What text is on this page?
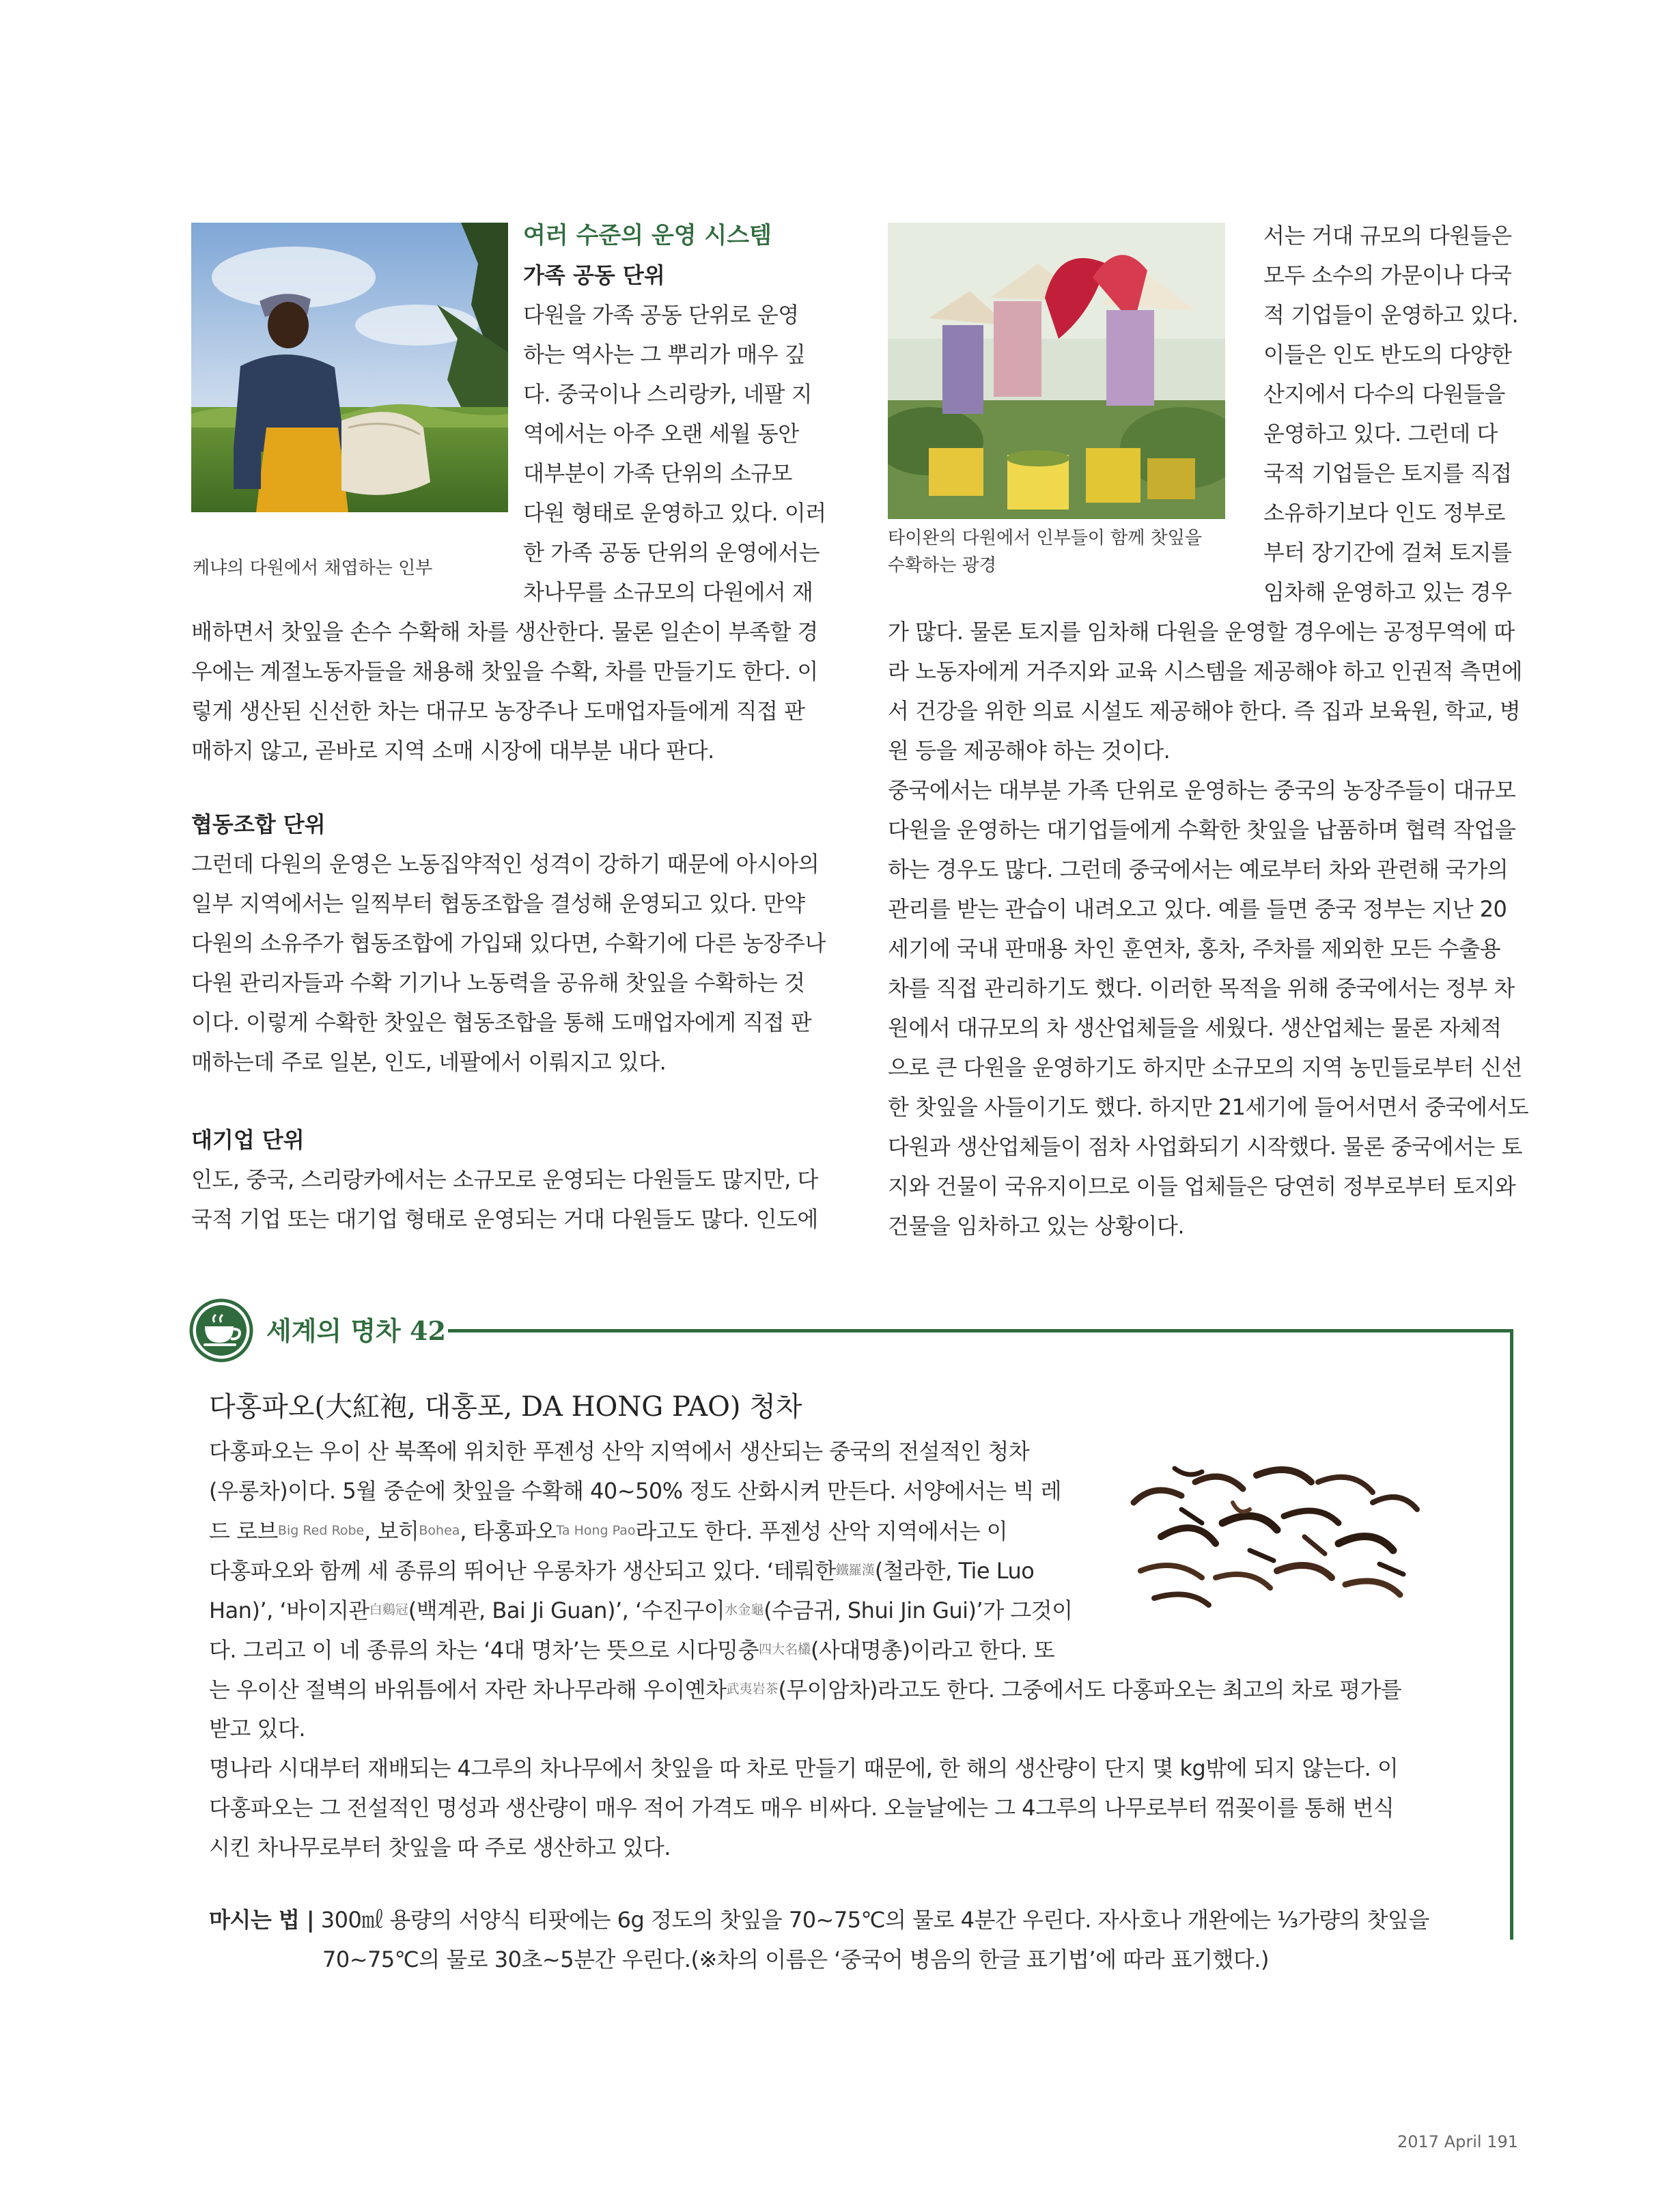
케냐의 다원에서 채엽하는 인부
여러 수준의 운영 시스템
가족 공동 단위
다원을 가족 공동 단위로 운영
하는 역사는 그 뿌리가 매우 깊
다. 중국이나 스리랑카, 네팔 지
역에서는 아주 오랜 세월 동안
대부분이 가족 단위의 소규모
다원 형태로 운영하고 있다. 이러
한 가족 공동 단위의 운영에서는
차나무를 소규모의 다원에서 재
배하면서 찻잎을 손수 수확해 차를 생산한다. 물론 일손이 부족할 경
우에는 계절노동자들을 채용해 찻잎을 수확, 차를 만들기도 한다. 이
렇게 생산된 신선한 차는 대규모 농장주나 도매업자들에게 직접 판
매하지 않고, 곧바로 지역 소매 시장에 대부분 내다 판다.
협동조합 단위
그런데 다원의 운영은 노동집약적인 성격이 강하기 때문에 아시아의
일부 지역에서는 일찍부터 협동조합을 결성해 운영되고 있다. 만약
다원의 소유주가 협동조합에 가입돼 있다면, 수확기에 다른 농장주나
다원 관리자들과 수확 기기나 노동력을 공유해 찻잎을 수확하는 것
이다. 이렇게 수확한 찻잎은 협동조합을 통해 도매업자에게 직접 판
매하는데 주로 일본, 인도, 네팔에서 이뤄지고 있다.
대기업 단위
인도, 중국, 스리랑카에서는 소규모로 운영되는 다원들도 많지만, 다
국적 기업 또는 대기업 형태로 운영되는 거대 다원들도 많다. 인도에
타이완의 다원에서 인부들이 함께 찻잎을
수확하는 광경
서는 거대 규모의 다원들은
모두 소수의 가문이나 다국
적 기업들이 운영하고 있다.
이들은 인도 반도의 다양한
산지에서 다수의 다원들을
운영하고 있다. 그런데 다
국적 기업들은 토지를 직접
소유하기보다 인도 정부로
부터 장기간에 걸쳐 토지를
임차해 운영하고 있는 경우
가 많다. 물론 토지를 임차해 다원을 운영할 경우에는 공정무역에 따
라 노동자에게 거주지와 교육 시스템을 제공해야 하고 인권적 측면에
서 건강을 위한 의료 시설도 제공해야 한다. 즉 집과 보육원, 학교, 병
원 등을 제공해야 하는 것이다.
중국에서는 대부분 가족 단위로 운영하는 중국의 농장주들이 대규모
다원을 운영하는 대기업들에게 수확한 찻잎을 납품하며 협력 작업을
하는 경우도 많다. 그런데 중국에서는 예로부터 차와 관련해 국가의
관리를 받는 관습이 내려오고 있다. 예를 들면 중국 정부는 지난 20
세기에 국내 판매용 차인 훈연차, 홍차, 주차를 제외한 모든 수출용
차를 직접 관리하기도 했다. 이러한 목적을 위해 중국에서는 정부 차
원에서 대규모의 차 생산업체들을 세웠다. 생산업체는 물론 자체적
으로 큰 다원을 운영하기도 하지만 소규모의 지역 농민들로부터 신선
한 찻잎을 사들이기도 했다. 하지만 21세기에 들어서면서 중국에서도
다원과 생산업체들이 점차 사업화되기 시작했다. 물론 중국에서는 토
지와 건물이 국유지이므로 이들 업체들은 당연히 정부로부터 토지와
건물을 임차하고 있는 상황이다.
세계의 명차 42
다홍파오(大紅袍, 대홍포, DA HONG PAO) 청차
다홍파오는 우이 산 북쪽에 위치한 푸젠성 산악 지역에서 생산되는 중국의 전설적인 청차
(우롱차)이다. 5월 중순에 찻잎을 수확해 40~50% 정도 산화시켜 만든다. 서양에서는 빅 레
드 로브$^{Big Red Robe}$, 보히$^{Bohea}$, 타홍파오$^{Ta Hong Pao}$라고도 한다. 푸젠성 산악 지역에서는 이
다홍파오와 함께 세 종류의 뛰어난 우롱차가 생산되고 있다. ‘테뤄한$^{鐵羅漢}$(철라한, Tie Luo
Han)’, ‘바이지관$^{白鷄冠}$(백계관, Bai Ji Guan)’, ‘수진구이$^{水金龜}$(수금귀, Shui Jin Gui)’가 그것이
다. 그리고 이 네 종류의 차는 ‘4대 명차’는 뜻으로 시다밍충$^{四大名欉}$(사대명총)이라고 한다. 또
는 우이산 절벽의 바위틈에서 자란 차나무라해 우이옌차$^{武夷岩茶}$(무이암차)라고도 한다. 그중에서도 다홍파오는 최고의 차로 평가를
받고 있다.
명나라 시대부터 재배되는 4그루의 차나무에서 찻잎을 따 차로 만들기 때문에, 한 해의 생산량이 단지 몇 kg밖에 되지 않는다. 이
다홍파오는 그 전설적인 명성과 생산량이 매우 적어 가격도 매우 비싸다. 오늘날에는 그 4그루의 나무로부터 꺾꽂이를 통해 번식
시킨 차나무로부터 찻잎을 따 주로 생산하고 있다.
마시는 법 | 300㎖ 용량의 서양식 티팟에는 6g 정도의 찻잎을 70~75℃의 물로 4분간 우린다. 자사호나 개완에는 ⅓가량의 찻잎을
70~75℃의 물로 30초~5분간 우린다.(※차의 이름은 ‘중국어 병음의 한글 표기법’에 따라 표기했다.)
2017 April 191
